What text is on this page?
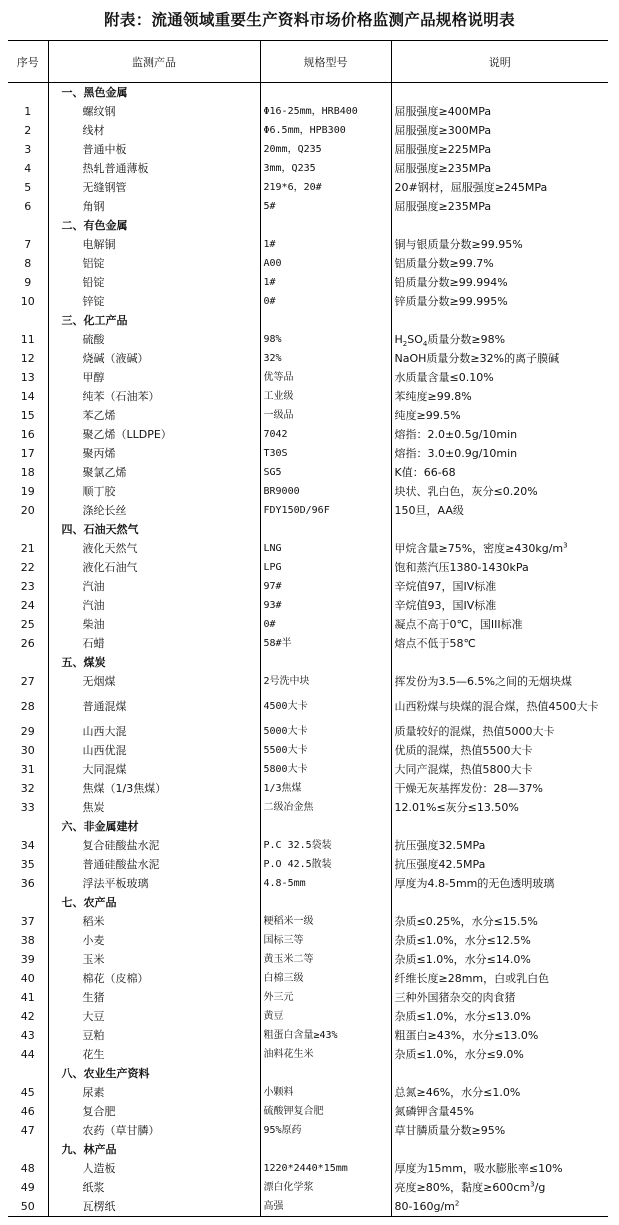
附表：流通领域重要生产资料市场价格监测产品规格说明表
序号	监测产品	规格型号	说明
	一、黑色金属		
1	螺纹钢	Φ16-25mm，HRB400	屈服强度≥400MPa
2	线材	Φ6.5mm，HPB300	屈服强度≥300MPa
3	普通中板	20mm，Q235	屈服强度≥225MPa
4	热轧普通薄板	3mm，Q235	屈服强度≥235MPa
5	无缝钢管	219*6，20#	20#钢材，屈服强度≥245MPa
6	角钢	5#	屈服强度≥235MPa
	二、有色金属		
7	电解铜	1#	铜与银质量分数≥99.95%
8	铝锭	A00	铝质量分数≥99.7%
9	铅锭	1#	铅质量分数≥99.994%
10	锌锭	0#	锌质量分数≥99.995%
	三、化工产品		
11	硫酸	98%	$H_2SO_4$质量分数≥98%
12	烧碱（液碱）	32%	NaOH质量分数≥32%的离子膜碱
13	甲醇	优等品	水质量含量≤0.10%
14	纯苯（石油苯）	工业级	苯纯度≥99.8%
15	苯乙烯	一级品	纯度≥99.5%
16	聚乙烯（LLDPE）	7042	熔指：2.0±0.5g/10min
17	聚丙烯	T30S	熔指：3.0±0.9g/10min
18	聚氯乙烯	SG5	K值：66-68
19	顺丁胶	BR9000	块状、乳白色，灰分≤0.20%
20	涤纶长丝	FDY150D/96F	150旦，AA级
	四、石油天然气		
21	液化天然气	LNG	甲烷含量≥75%，密度$\ge 430kg/m^3$
22	液化石油气	LPG	饱和蒸汽压1380-1430kPa
23	汽油	97#	辛烷值97，国IV标准
24	汽油	93#	辛烷值93，国IV标准
25	柴油	0#	凝点不高于0℃，国III标准
26	石蜡	58#半	熔点不低于58℃
	五、煤炭		
27	无烟煤	2号洗中块	挥发份为3.5—6.5%之间的无烟块煤
28	普通混煤	4500大卡	山西粉煤与块煤的混合煤，热值4500大卡
29	山西大混	5000大卡	质量较好的混煤，热值5000大卡
30	山西优混	5500大卡	优质的混煤，热值5500大卡
31	大同混煤	5800大卡	大同产混煤，热值5800大卡
32	焦煤（1/3焦煤）	1/3焦煤	干燥无灰基挥发份：28—37%
33	焦炭	二级冶金焦	12.01%≤灰分≤13.50%
	六、非金属建材		
34	复合硅酸盐水泥	P.C 32.5袋装	抗压强度32.5MPa
35	普通硅酸盐水泥	P.O 42.5散装	抗压强度42.5MPa
36	浮法平板玻璃	4.8-5mm	厚度为4.8-5mm的无色透明玻璃
	七、农产品		
37	稻米	粳稻米一级	杂质≤0.25%，水分≤15.5%
38	小麦	国标三等	杂质≤1.0%，水分≤12.5%
39	玉米	黄玉米二等	杂质≤1.0%，水分≤14.0%
40	棉花（皮棉）	白棉三级	纤维长度≥28mm，白或乳白色
41	生猪	外三元	三种外国猪杂交的肉食猪
42	大豆	黄豆	杂质≤1.0%，水分≤13.0%
43	豆粕	粗蛋白含量≥43%	粗蛋白≥43%，水分≤13.0%
44	花生	油料花生米	杂质≤1.0%，水分≤9.0%
	八、农业生产资料		
45	尿素	小颗料	总氮≥46%，水分≤1.0%
46	复合肥	硫酸钾复合肥	氮磷钾含量45%
47	农药（草甘膦）	95%原药	草甘膦质量分数≥95%
	九、林产品		
48	人造板	1220*2440*15mm	厚度为15mm，吸水膨胀率≤10%
49	纸浆	漂白化学浆	亮度≥80%，黏度$\ge 600cm^3/g$
50	瓦楞纸	高强	$80-160g/m^2$
